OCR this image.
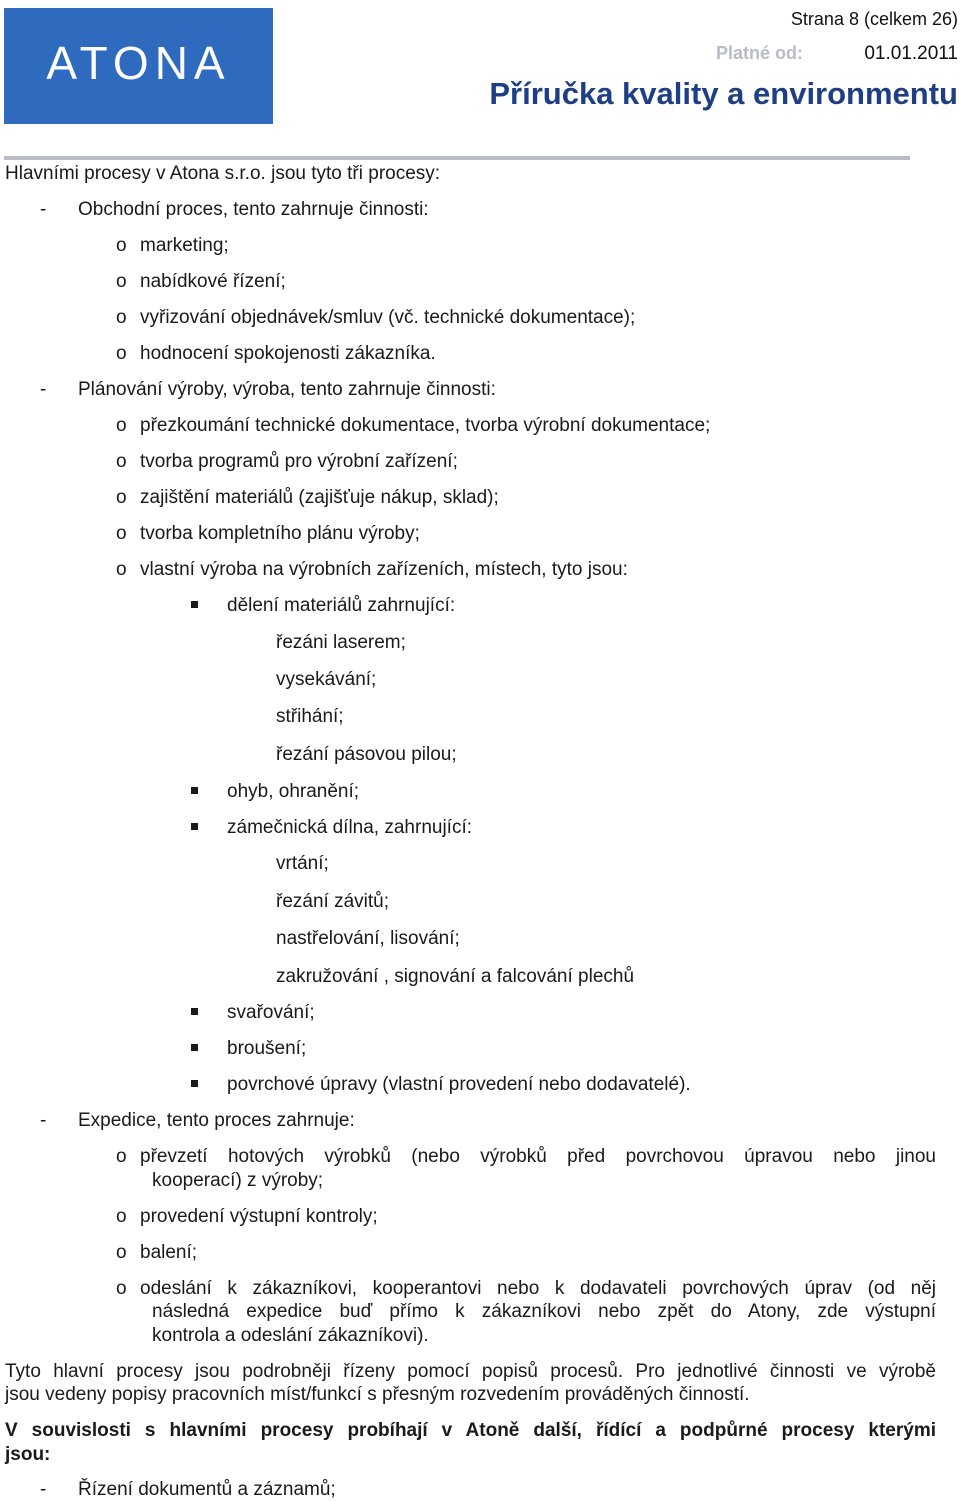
ATONA
Strana 8 (celkem 26)
Platné od:	01.01.2011
Příručka kvality a environmentu
Hlavními procesy v Atona s.r.o. jsou tyto tři procesy:
- Obchodní proces, tento zahrnuje činnosti:
o marketing;
o nabídkové řízení;
o vyřizování objednávek/smluv (vč. technické dokumentace);
o hodnocení spokojenosti zákazníka.
- Plánování výroby, výroba, tento zahrnuje činnosti:
o přezkoumání technické dokumentace, tvorba výrobní dokumentace;
o tvorba programů pro výrobní zařízení;
o zajištění materiálů (zajišťuje nákup, sklad);
o tvorba kompletního plánu výroby;
o vlastní výroba na výrobních zařízeních, místech, tyto jsou:
dělení materiálů zahrnující:
řezáni laserem;
vysekávání;
střihání;
řezání pásovou pilou;
ohyb, ohranění;
zámečnická dílna, zahrnující:
vrtání;
řezání závitů;
nastřelování, lisování;
zakružování , signování a falcování plechů
svařování;
broušení;
povrchové úpravy (vlastní provedení nebo dodavatelé).
- Expedice, tento proces zahrnuje:
o převzetí hotových výrobků (nebo výrobků před povrchovou úpravou nebo jinou
kooperací) z výroby;
o provedení výstupní kontroly;
o balení;
o odeslání k zákazníkovi, kooperantovi nebo k dodavateli povrchových úprav (od něj
následná expedice buď přímo k zákazníkovi nebo zpět do Atony, zde výstupní
kontrola a odeslání zákazníkovi).
Tyto hlavní procesy jsou podrobněji řízeny pomocí popisů procesů. Pro jednotlivé činnosti ve výrobě
jsou vedeny popisy pracovních míst/funkcí s přesným rozvedením prováděných činností.
V souvislosti s hlavními procesy probíhají v Atoně další, řídící a podpůrné procesy kterými
jsou:
- Řízení dokumentů a záznamů;
